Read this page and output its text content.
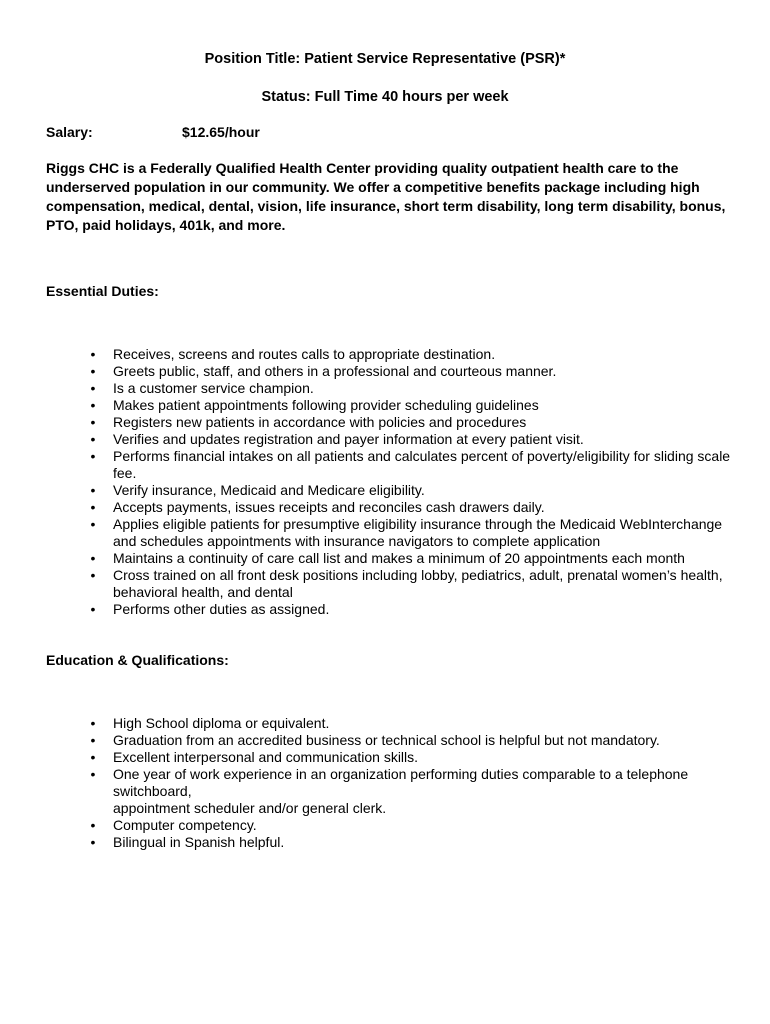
Position Title: Patient Service Representative (PSR)*
Status: Full Time 40 hours per week
Salary:	$12.65/hour

Riggs CHC is a Federally Qualified Health Center providing quality outpatient health care to the underserved population in our community. We offer a competitive benefits package including high compensation, medical, dental, vision, life insurance, short term disability, long term disability, bonus, PTO, paid holidays, 401k, and more.

Essential Duties:
• Receives, screens and routes calls to appropriate destination.
• Greets public, staff, and others in a professional and courteous manner.
• Is a customer service champion.
• Makes patient appointments following provider scheduling guidelines
• Registers new patients in accordance with policies and procedures
• Verifies and updates registration and payer information at every patient visit.
• Performs financial intakes on all patients and calculates percent of poverty/eligibility for sliding scale fee.
• Verify insurance, Medicaid and Medicare eligibility.
• Accepts payments, issues receipts and reconciles cash drawers daily.
• Applies eligible patients for presumptive eligibility insurance through the Medicaid WebInterchange and schedules appointments with insurance navigators to complete application
• Maintains a continuity of care call list and makes a minimum of 20 appointments each month
• Cross trained on all front desk positions including lobby, pediatrics, adult, prenatal women’s health, behavioral health, and dental
• Performs other duties as assigned.
Education & Qualifications:
• High School diploma or equivalent.
• Graduation from an accredited business or technical school is helpful but not mandatory.
• Excellent interpersonal and communication skills.
• One year of work experience in an organization performing duties comparable to a telephone switchboard,
appointment scheduler and/or general clerk.
• Computer competency.
• Bilingual in Spanish helpful.
